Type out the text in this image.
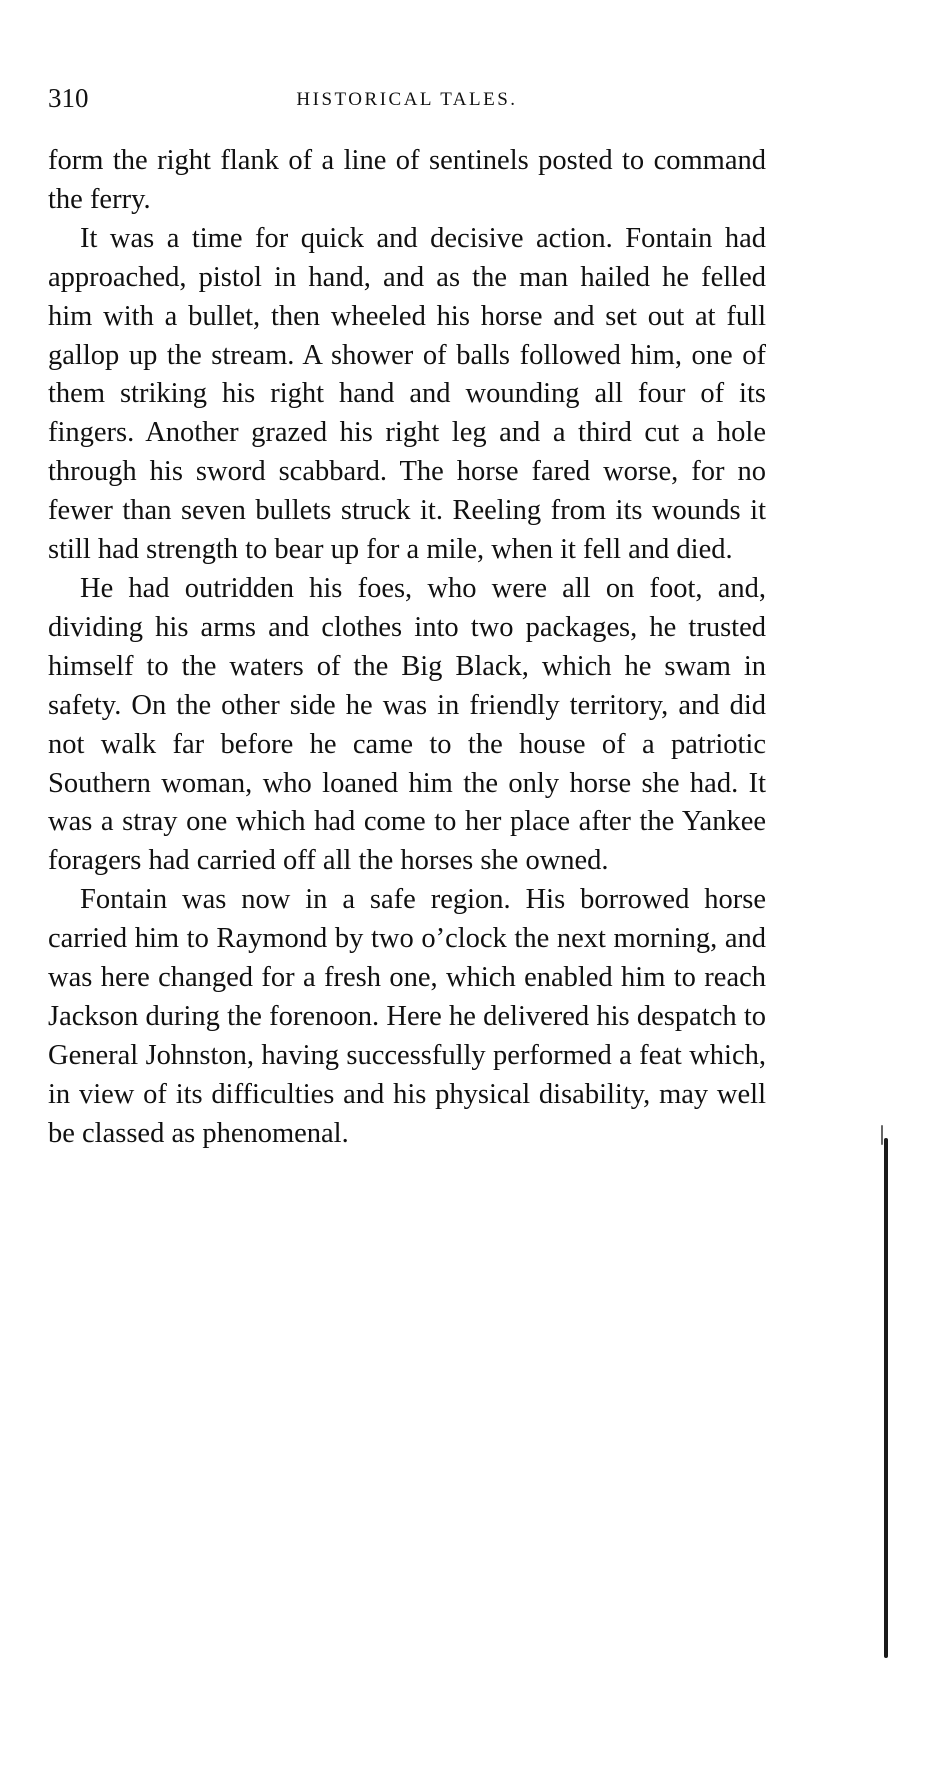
310	HISTORICAL TALES.

form the right flank of a line of sentinels posted to command the ferry.

It was a time for quick and decisive action. Fontain had approached, pistol in hand, and as the man hailed he felled him with a bullet, then wheeled his horse and set out at full gallop up the stream. A shower of balls followed him, one of them striking his right hand and wounding all four of its fingers. Another grazed his right leg and a third cut a hole through his sword scabbard. The horse fared worse, for no fewer than seven bullets struck it. Reeling from its wounds it still had strength to bear up for a mile, when it fell and died.

He had outridden his foes, who were all on foot, and, dividing his arms and clothes into two packages, he trusted himself to the waters of the Big Black, which he swam in safety. On the other side he was in friendly territory, and did not walk far before he came to the house of a patriotic Southern woman, who loaned him the only horse she had. It was a stray one which had come to her place after the Yankee foragers had carried off all the horses she owned.

Fontain was now in a safe region. His borrowed horse carried him to Raymond by two o’clock the next morning, and was here changed for a fresh one, which enabled him to reach Jackson during the forenoon. Here he delivered his despatch to General Johnston, having successfully performed a feat which, in view of its difficulties and his physical disability, may well be classed as phenomenal.
